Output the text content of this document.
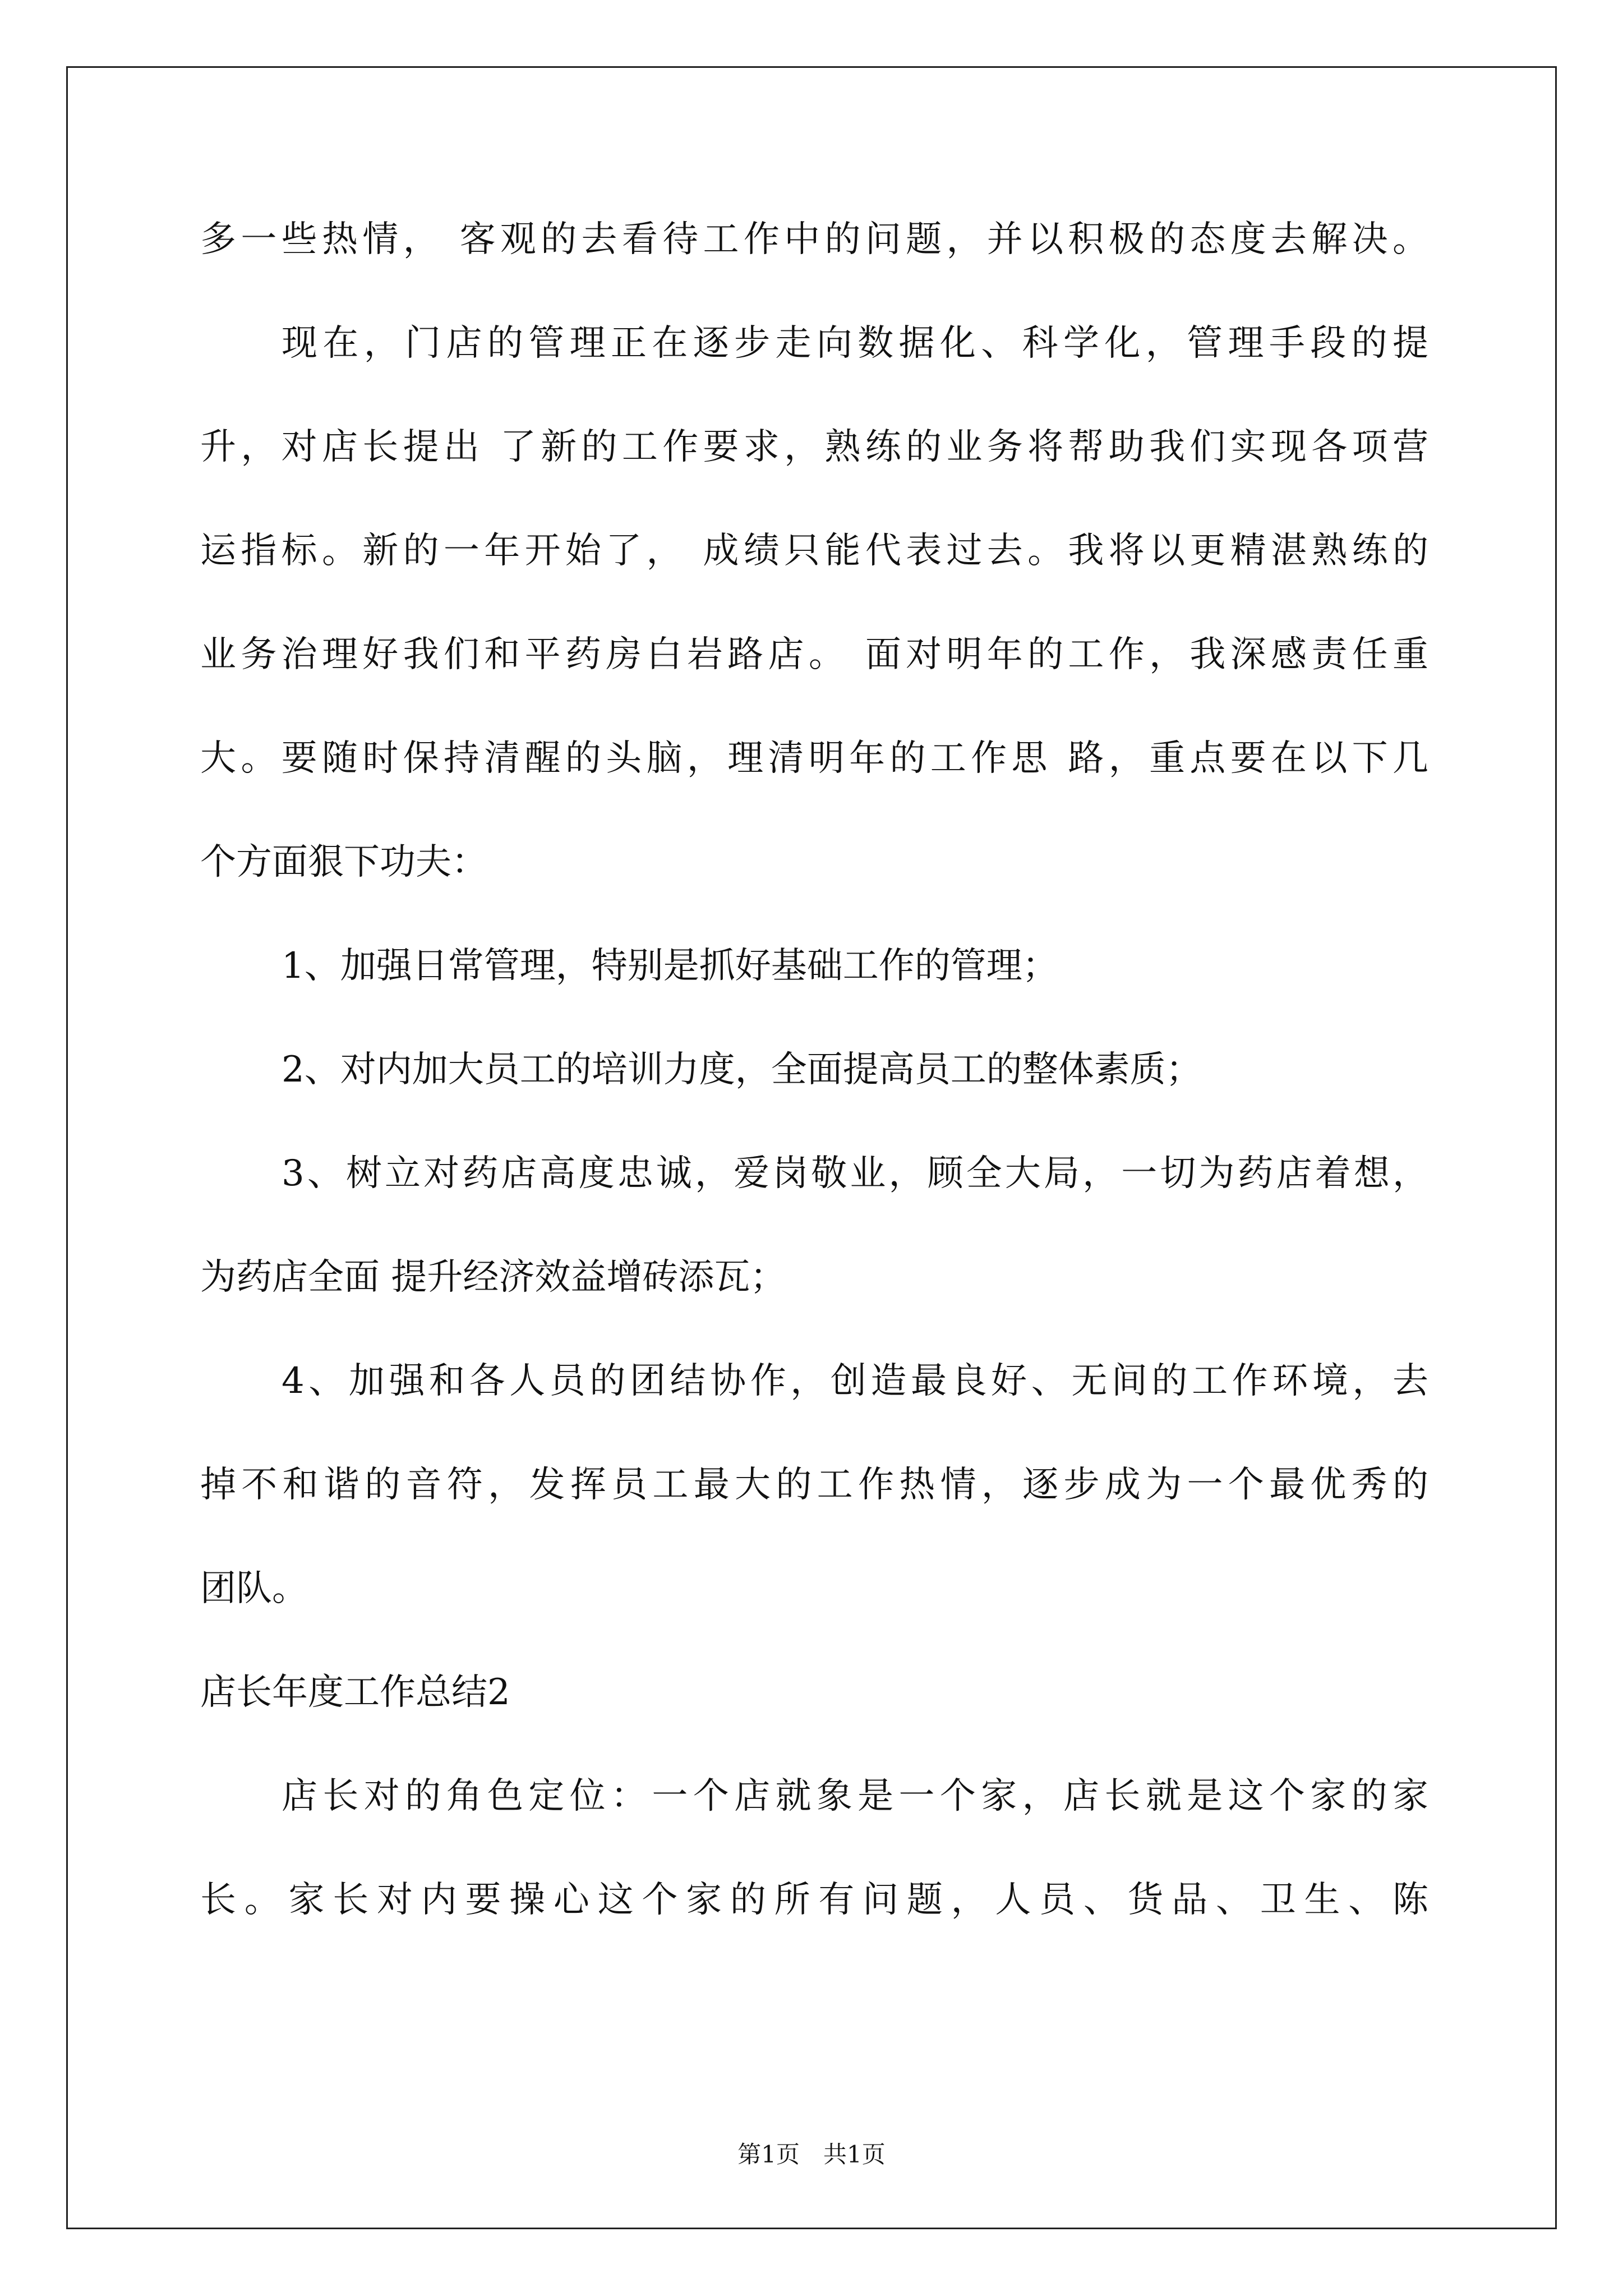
多一些热情， 客观的去看待工作中的问题，并以积极的态度去解决。
现在，门店的管理正在逐步走向数据化、科学化，管理手段的提
升，对店长提出 了新的工作要求，熟练的业务将帮助我们实现各项营
运指标。新的一年开始了， 成绩只能代表过去。我将以更精湛熟练的
业务治理好我们和平药房白岩路店。 面对明年的工作，我深感责任重
大。要随时保持清醒的头脑，理清明年的工作思 路，重点要在以下几
个方面狠下功夫：
1、加强日常管理，特别是抓好基础工作的管理；
2、对内加大员工的培训力度，全面提高员工的整体素质；
3、树立对药店高度忠诚，爱岗敬业，顾全大局，一切为药店着想，
为药店全面 提升经济效益增砖添瓦；
4、加强和各人员的团结协作，创造最良好、无间的工作环境，去
掉不和谐的音符，发挥员工最大的工作热情，逐步成为一个最优秀的
团队。
店长年度工作总结2
店长对的角色定位：一个店就象是一个家，店长就是这个家的家
长。家长对内要操心这个家的所有问题，人员、货品、卫生、陈
第1页　共1页
